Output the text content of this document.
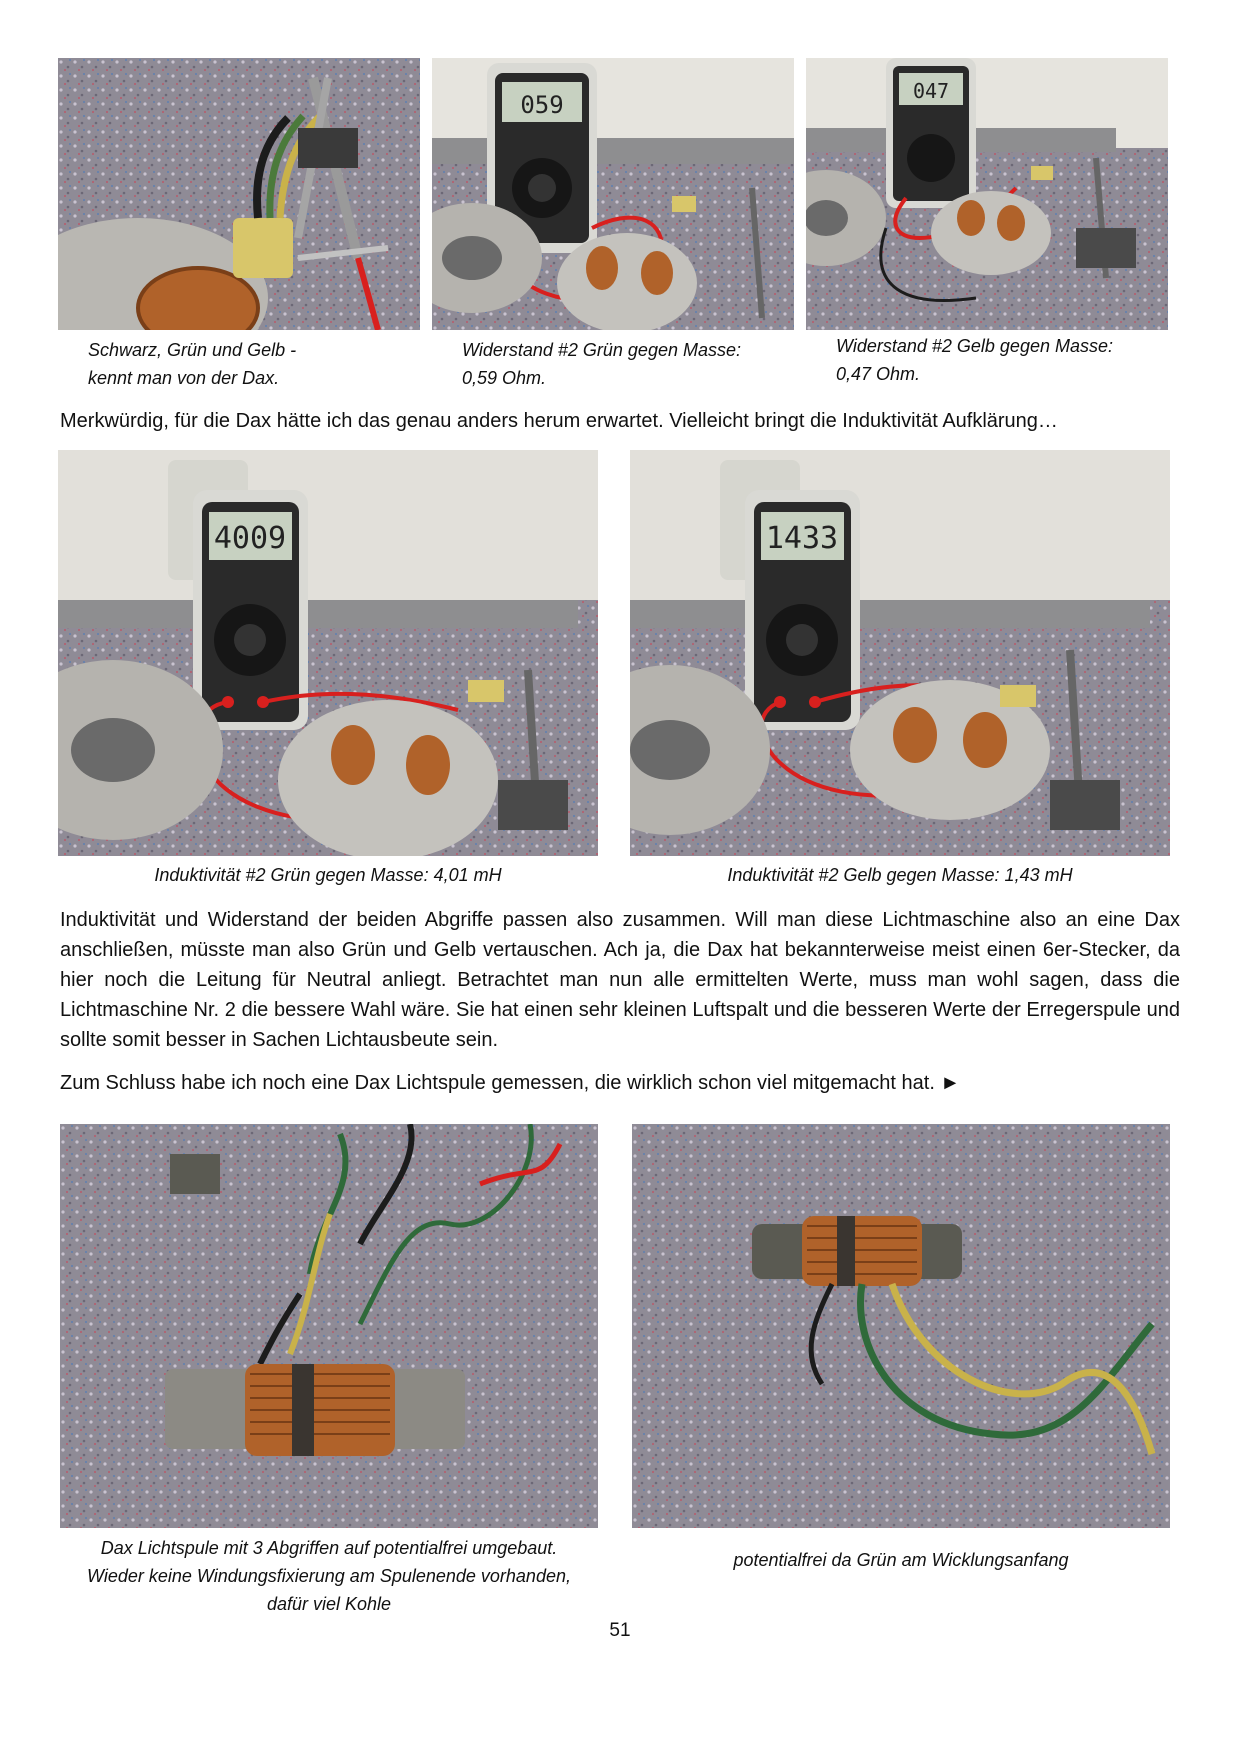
059	047
Schwarz, Grün und Gelb -
kennt man von der Dax.
Widerstand #2 Grün gegen Masse:
0,59 Ohm.
Widerstand #2 Gelb gegen Masse:
0,47 Ohm.
Merkwürdig, für die Dax hätte ich das genau anders herum erwartet. Vielleicht bringt die Induktivität Aufklärung…
4009	1433
Induktivität #2 Grün gegen Masse: 4,01 mH	Induktivität #2 Gelb gegen Masse: 1,43 mH
Induktivität und Widerstand der beiden Abgriffe passen also zusammen. Will man diese Lichtmaschine also an eine Dax anschließen, müsste man also Grün und Gelb vertauschen. Ach ja, die Dax hat bekannterweise meist einen 6er-Stecker, da hier noch die Leitung für Neutral anliegt. Betrachtet man nun alle ermittelten Werte, muss man wohl sagen, dass die Lichtmaschine Nr. 2 die bessere Wahl wäre. Sie hat einen sehr kleinen Luftspalt und die besseren Werte der Erregerspule und sollte somit besser in Sachen Lichtausbeute sein.
Zum Schluss habe ich noch eine Dax Lichtspule gemessen, die wirklich schon viel mitgemacht hat. ►
Dax Lichtspule mit 3 Abgriffen auf potentialfrei umgebaut.
Wieder keine Windungsfixierung am Spulenende vorhanden,
dafür viel Kohle
potentialfrei da Grün am Wicklungsanfang
51
